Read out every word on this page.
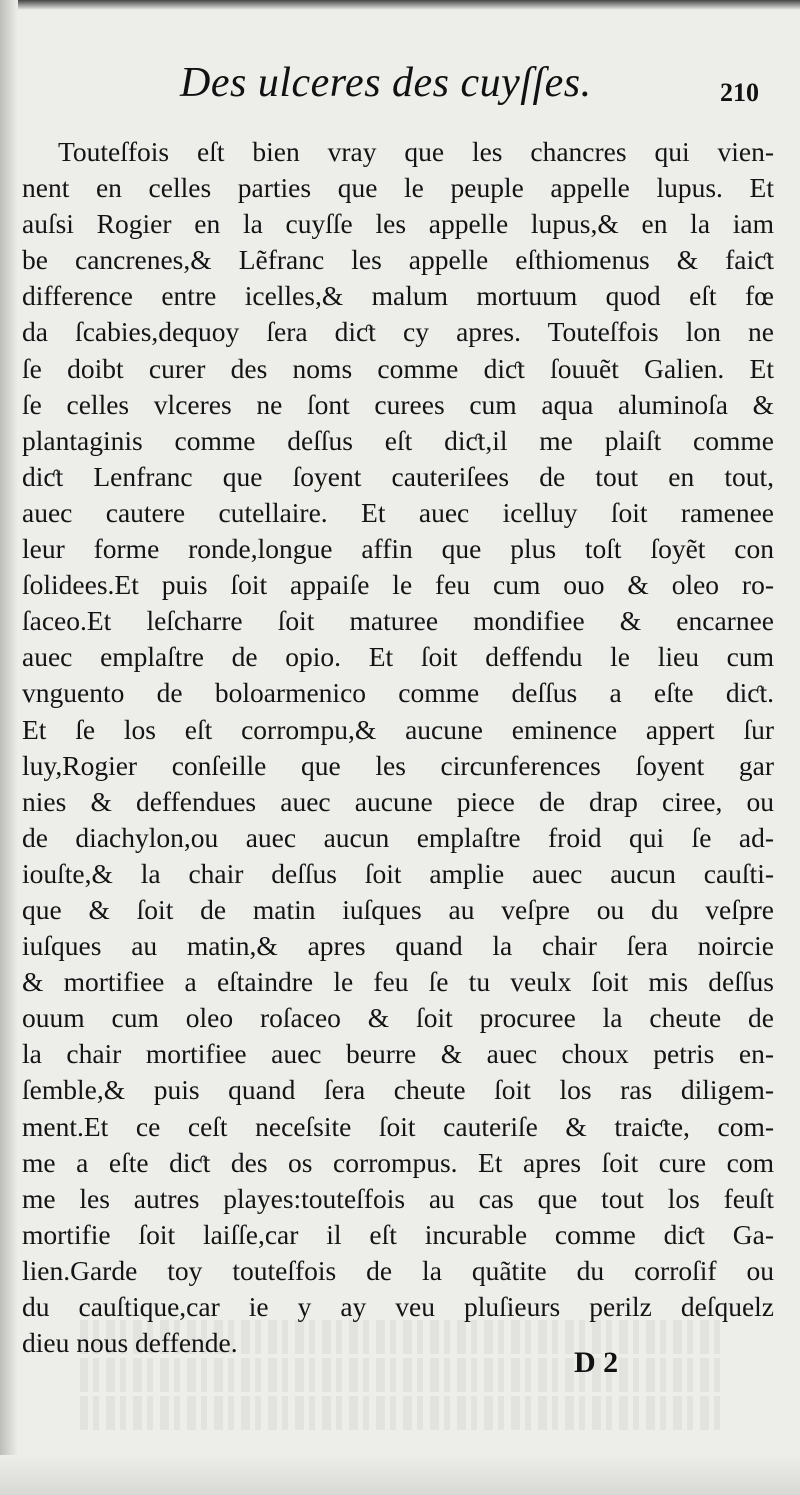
Des ulceres des cuyſſes.	210
Touteſfois eſt bien vray que les chancres qui vien-
nent en celles parties que le peuple appelle lupus. Et
auſsi Rogier en la cuyſſe les appelle lupus,& en la iam
be cancrenes,& Lẽfranc les appelle eſthiomenus & faiƈt
difference entre icelles,& malum mortuum quod eſt fœ
da ſcabies,dequoy ſera diƈt cy apres. Touteſfois lon ne
ſe doibt curer des noms comme diƈt ſouuẽt Galien. Et
ſe celles vlceres ne ſont curees cum aqua aluminoſa &
plantaginis comme deſſus eſt diƈt,il me plaiſt comme
diƈt Lenfranc que ſoyent cauteriſees de tout en tout,
auec cautere cutellaire. Et auec icelluy ſoit ramenee
leur forme ronde,longue affin que plus toſt ſoyẽt con
ſolidees.Et puis ſoit appaiſe le feu cum ouo & oleo ro-
ſaceo.Et leſcharre ſoit maturee mondifiee & encarnee
auec emplaſtre de opio. Et ſoit deffendu le lieu cum
vnguento de boloarmenico comme deſſus a eſte diƈt.
Et ſe los eſt corrompu,& aucune eminence appert ſur
luy,Rogier conſeille que les circunferences ſoyent gar
nies & deffendues auec aucune piece de drap ciree, ou
de diachylon,ou auec aucun emplaſtre froid qui ſe ad-
iouſte,& la chair deſſus ſoit amplie auec aucun cauſti-
que & ſoit de matin iuſques au veſpre ou du veſpre
iuſques au matin,& apres quand la chair ſera noircie
& mortifiee a eſtaindre le feu ſe tu veulx ſoit mis deſſus
ouum cum oleo roſaceo & ſoit procuree la cheute de
la chair mortifiee auec beurre & auec choux petris en-
ſemble,& puis quand ſera cheute ſoit los ras diligem-
ment.Et ce ceſt neceſsite ſoit cauteriſe & traiƈte, com-
me a eſte diƈt des os corrompus. Et apres ſoit cure com
me les autres playes:touteſfois au cas que tout los feuſt
mortifie ſoit laiſſe,car il eſt incurable comme diƈt Ga-
lien.Garde toy touteſfois de la quãtite du corroſif ou
du cauſtique,car ie y ay veu pluſieurs perilz deſquelz
dieu nous deffende.
D 2
